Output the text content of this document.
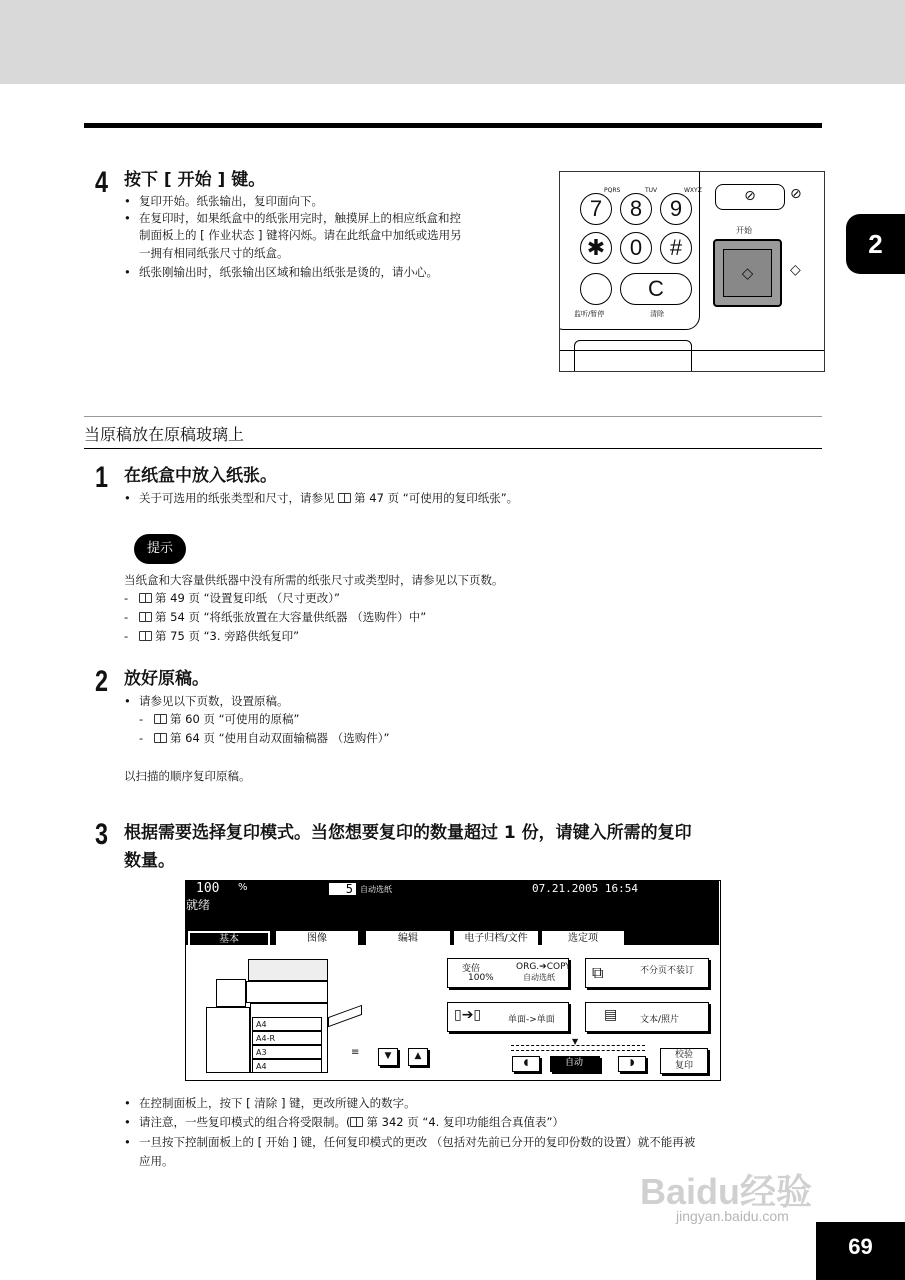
2
4 按下 [ 开始 ] 键。
• 复印开始。纸张输出，复印面向下。
• 在复印时，如果纸盒中的纸张用完时，触摸屏上的相应纸盒和控
制面板上的 [ 作业状态 ] 键将闪烁。请在此纸盒中加纸或选用另
一拥有相同纸张尺寸的纸盒。
• 纸张刚输出时，纸张输出区域和输出纸张是烫的，请小心。
PQRS	TUV	WXYZ
7	8	9
✱	0	#
C
监听/暂停	清除
⊘	⊘
开始
◇	◇
当原稿放在原稿玻璃上
1 在纸盒中放入纸张。
• 关于可选用的纸张类型和尺寸，请参见 第 47 页 “可使用的复印纸张”。
提示
当纸盒和大容量供纸器中没有所需的纸张尺寸或类型时，请参见以下页数。
- 第 49 页 “设置复印纸 （尺寸更改）”
- 第 54 页 “将纸张放置在大容量供纸器 （选购件）中”
- 第 75 页 “3. 旁路供纸复印”
2 放好原稿。
• 请参见以下页数，设置原稿。
- 第 60 页 “可使用的原稿”
- 第 64 页 “使用自动双面输稿器 （选购件）”
以扫描的顺序复印原稿。
3 根据需要选择复印模式。当您想要复印的数量超过 1 份，请键入所需的复印
数量。
100 %	5 自动选纸	07.21.2005 16:54
就绪
基本	图像	编辑	电子归档/文件	选定项
A4
A4-R
A3
A4
≡	▼	▲
变倍
100%
ORG.➔COPY
自动选纸 ⧉	不分页不装订
▯➔▯	单面->单面	▤	文本/照片
▼
◖	自动	◗
校验
复印
• 在控制面板上，按下 [ 清除 ] 键，更改所键入的数字。
• 请注意，一些复印模式的组合将受限制。( 第 342 页 “4. 复印功能组合真值表”）
• 一旦按下控制面板上的 [ 开始 ] 键，任何复印模式的更改 （包括对先前已分开的复印份数的设置）就不能再被
应用。
Baidu经验
jingyan.baidu.com
69
